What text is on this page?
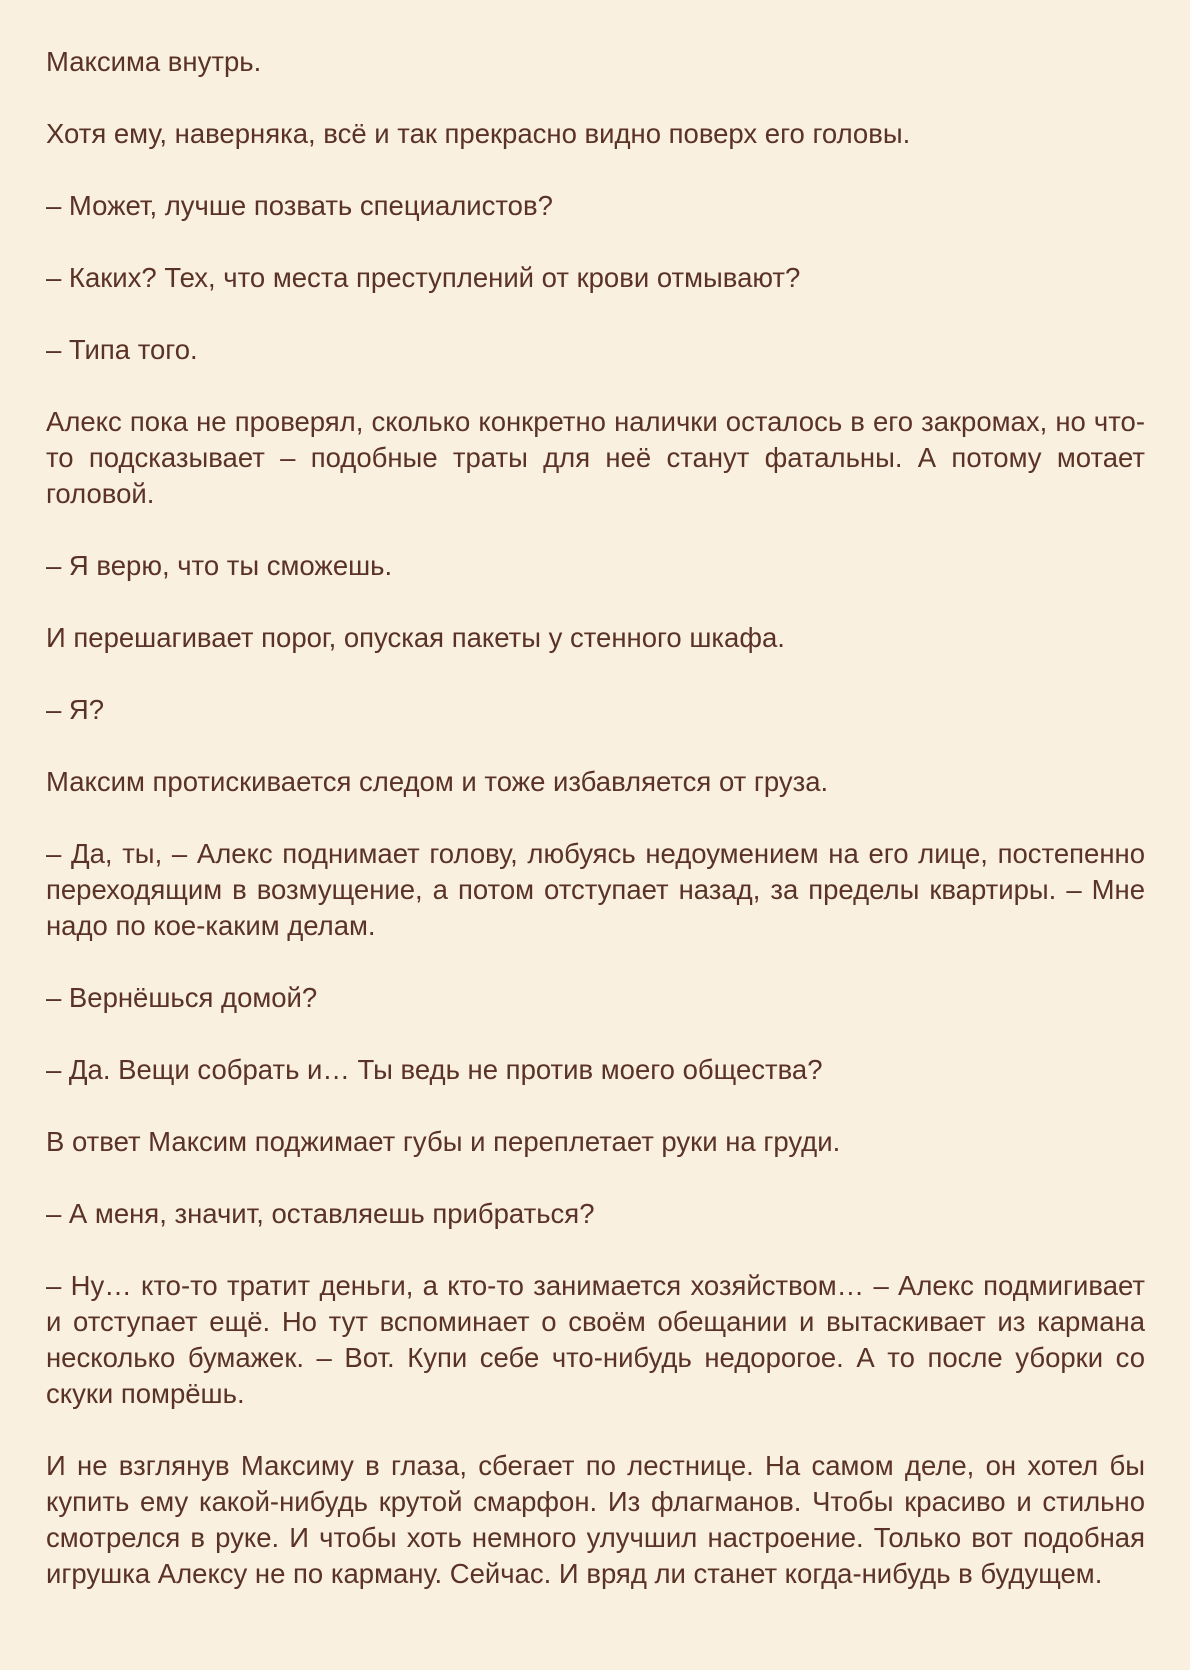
Максима внутрь.

Хотя ему, наверняка, всё и так прекрасно видно поверх его головы.

– Может, лучше позвать специалистов?

– Каких? Тех, что места преступлений от крови отмывают?

– Типа того.

Алекс пока не проверял, сколько конкретно налички осталось в его закромах, но что-то подсказывает – подобные траты для неё станут фатальны. А потому мотает головой.

– Я верю, что ты сможешь.

И перешагивает порог, опуская пакеты у стенного шкафа.

– Я?

Максим протискивается следом и тоже избавляется от груза.

– Да, ты, – Алекс поднимает голову, любуясь недоумением на его лице, постепенно переходящим в возмущение, а потом отступает назад, за пределы квартиры. – Мне надо по кое-каким делам.

– Вернёшься домой?

– Да. Вещи собрать и… Ты ведь не против моего общества?

В ответ Максим поджимает губы и переплетает руки на груди.

– А меня, значит, оставляешь прибраться?

– Ну… кто-то тратит деньги, а кто-то занимается хозяйством… – Алекс подмигивает и отступает ещё. Но тут вспоминает о своём обещании и вытаскивает из кармана несколько бумажек. – Вот. Купи себе что-нибудь недорогое. А то после уборки со скуки помрёшь.

И не взглянув Максиму в глаза, сбегает по лестнице. На самом деле, он хотел бы купить ему какой-нибудь крутой смарфон. Из флагманов. Чтобы красиво и стильно смотрелся в руке. И чтобы хоть немного улучшил настроение. Только вот подобная игрушка Алексу не по карману. Сейчас. И вряд ли станет когда-нибудь в будущем.
